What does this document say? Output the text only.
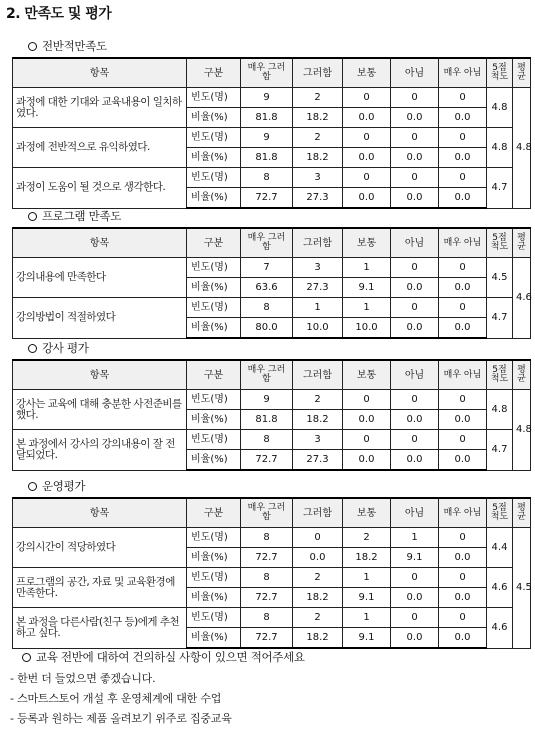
2. 만족도 및 평가
전반적만족도
항목	구분	매우 그러함	그러함	보통	아님	매우 아님	5점 척도	평균
과정에 대한 기대와 교육내용이 일치하였다.	빈도(명)	9	2	0	0	0	4.8	4.8
	비율(%)	81.8	18.2	0.0	0.0	0.0		
과정에 전반적으로 유익하였다.	빈도(명)	9	2	0	0	0	4.8	
	비율(%)	81.8	18.2	0.0	0.0	0.0		
과정이 도움이 될 것으로 생각한다.	빈도(명)	8	3	0	0	0	4.7	
	비율(%)	72.7	27.3	0.0	0.0	0.0		
프로그램 만족도
항목	구분	매우 그러함	그러함	보통	아님	매우 아님	5점 척도	평균
강의내용에 만족한다	빈도(명)	7	3	1	0	0	4.5	4.6
	비율(%)	63.6	27.3	9.1	0.0	0.0		
강의방법이 적절하였다	빈도(명)	8	1	1	0	0	4.7	
	비율(%)	80.0	10.0	10.0	0.0	0.0		
강사 평가
항목	구분	매우 그러함	그러함	보통	아님	매우 아님	5점 척도	평균
강사는 교육에 대해 충분한 사전준비를 했다.	빈도(명)	9	2	0	0	0	4.8	4.8
	비율(%)	81.8	18.2	0.0	0.0	0.0		
본 과정에서 강사의 강의내용이 잘 전달되었다.	빈도(명)	8	3	0	0	0	4.7	
	비율(%)	72.7	27.3	0.0	0.0	0.0		
운영평가
항목	구분	매우 그러함	그러함	보통	아님	매우 아님	5점 척도	평균
강의시간이 적당하였다	빈도(명)	8	0	2	1	0	4.4	4.5
	비율(%)	72.7	0.0	18.2	9.1	0.0		
프로그램의 공간, 자료 및 교육환경에 만족한다.	빈도(명)	8	2	1	0	0	4.6	
	비율(%)	72.7	18.2	9.1	0.0	0.0		
본 과정을 다른사람(친구 등)에게 추천하고 싶다.	빈도(명)	8	2	1	0	0	4.6	
	비율(%)	72.7	18.2	9.1	0.0	0.0		
교육 전반에 대하여 건의하실 사항이 있으면 적어주세요
- 한번 더 들었으면 좋겠습니다.
- 스마트스토어 개설 후 운영체계에 대한 수업
- 등록과 원하는 제품 올려보기 위주로 집중교육
